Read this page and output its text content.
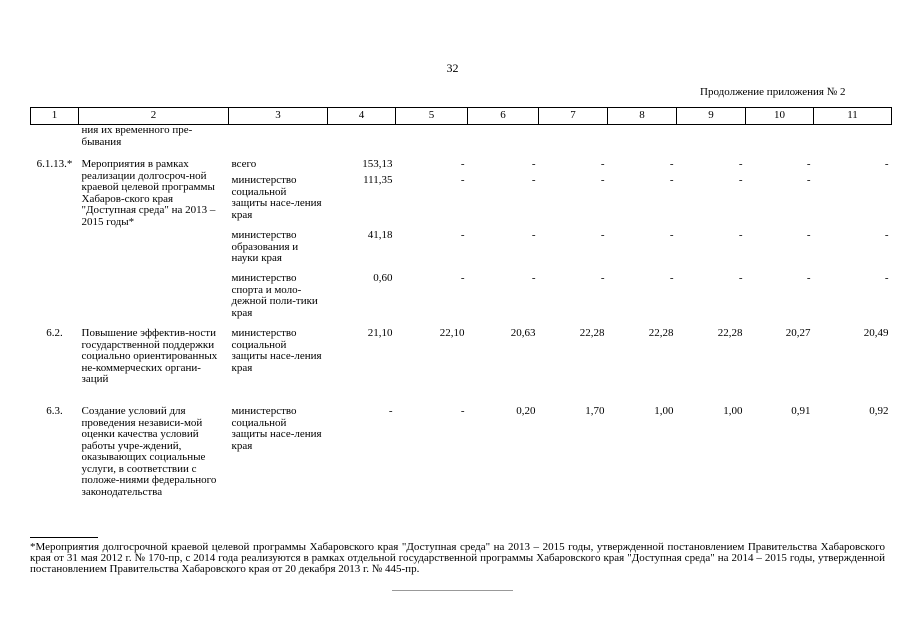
32
Продолжение приложения № 2
1	2	3	4	5	6	7	8	9	10	11
	ния их временного пре-бывания									
6.1.13.*	Мероприятия в рамках реализации долгосроч-ной краевой целевой программы Хабаров-ского края "Доступная среда" на 2013 – 2015 годы*	всего	153,13	-	-	-	-	-	-	-
		министерство социальной защиты насе-ления края	111,35	-	-	-	-	-	-	
		министерство образования и науки края	41,18	-	-	-	-	-	-	-
		министерство спорта и моло-дежной поли-тики края	0,60	-	-	-	-	-	-	-
6.2.	Повышение эффектив-ности государственной поддержки социально ориентированных не-коммерческих органи-заций	министерство социальной защиты насе-ления края	21,10	22,10	20,63	22,28	22,28	22,28	20,27	20,49
6.3.	Создание условий для проведения независи-мой оценки качества условий работы учре-ждений, оказывающих социальные услуги, в соответствии с положе-ниями федерального законодательства	министерство социальной защиты насе-ления края	-	-	0,20	1,70	1,00	1,00	0,91	0,92
*Мероприятия долгосрочной краевой целевой программы Хабаровского края "Доступная среда" на 2013 – 2015 годы, утвержденной постановлением Правительства Хабаровского края от 31 мая 2012 г. № 170-пр, с 2014 года реализуются в рамках отдельной государственной программы Хабаровского края "Доступная среда" на 2014 – 2015 годы, утвержденной постановлением Правительства Хабаровского края от 20 декабря 2013 г. № 445-пр.
